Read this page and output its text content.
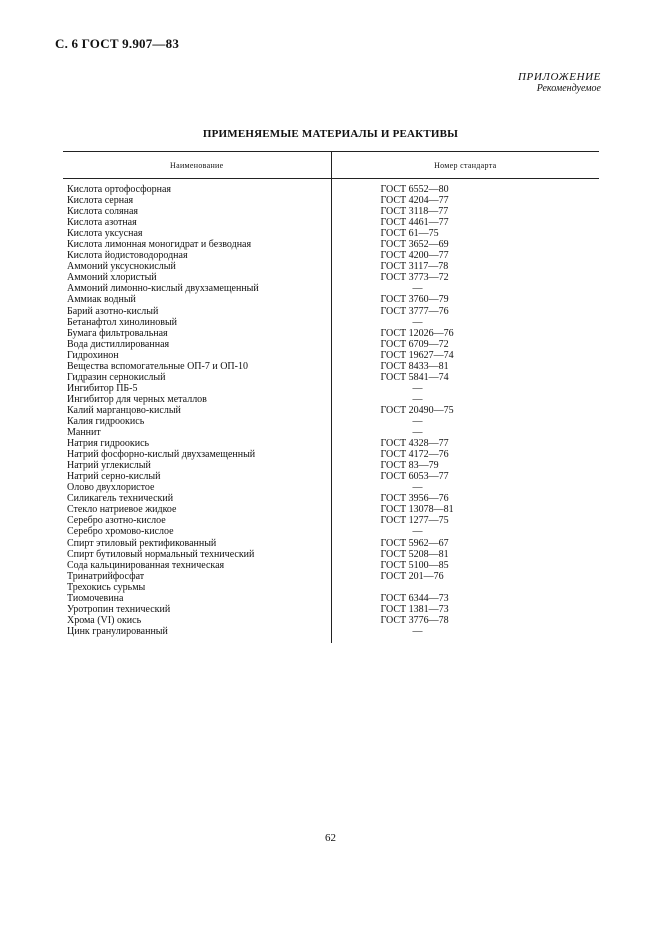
С. 6 ГОСТ 9.907—83
ПРИЛОЖЕНИЕ
Рекомендуемое
ПРИМЕНЯЕМЫЕ МАТЕРИАЛЫ И РЕАКТИВЫ
Наименование	Номер стандарта
Кислота ортофосфорная
Кислота серная
Кислота соляная
Кислота азотная
Кислота уксусная
Кислота лимонная моногидрат и безводная
Кислота йодистоводородная
Аммоний уксуснокислый
Аммоний хлористый
Аммоний лимонно-кислый двухзамещенный
Аммиак водный
Барий азотно-кислый
Бетанафтол хинолиновый
Бумага фильтровальная
Вода дистиллированная
Гидрохинон
Вещества вспомогательные ОП-7 и ОП-10
Гидразин сернокислый
Ингибитор ПБ-5
Ингибитор для черных металлов
Калий марганцово-кислый
Калия гидроокись
Маннит
Натрия гидроокись
Натрий фосфорно-кислый двухзамещенный
Натрий углекислый
Натрий серно-кислый
Олово двухлористое
Силикагель технический
Стекло натриевое жидкое
Серебро азотно-кислое
Серебро хромово-кислое
Спирт этиловый ректификованный
Спирт бутиловый нормальный технический
Сода кальцинированная техническая
Тринатрийфосфат
Трехокись сурьмы
Тиомочевина
Уротропин технический
Хрома (VI) окись
Цинк гранулированный
ГОСТ 6552—80
ГОСТ 4204—77
ГОСТ 3118—77
ГОСТ 4461—77
ГОСТ 61—75
ГОСТ 3652—69
ГОСТ 4200—77
ГОСТ 3117—78
ГОСТ 3773—72
—
ГОСТ 3760—79
ГОСТ 3777—76
—
ГОСТ 12026—76
ГОСТ 6709—72
ГОСТ 19627—74
ГОСТ 8433—81
ГОСТ 5841—74
—
—
ГОСТ 20490—75
—
—
ГОСТ 4328—77
ГОСТ 4172—76
ГОСТ 83—79
ГОСТ 6053—77
—
ГОСТ 3956—76
ГОСТ 13078—81
ГОСТ 1277—75
—
ГОСТ 5962—67
ГОСТ 5208—81
ГОСТ 5100—85
ГОСТ 201—76
ГОСТ 6344—73
ГОСТ 1381—73
ГОСТ 3776—78
—
62
